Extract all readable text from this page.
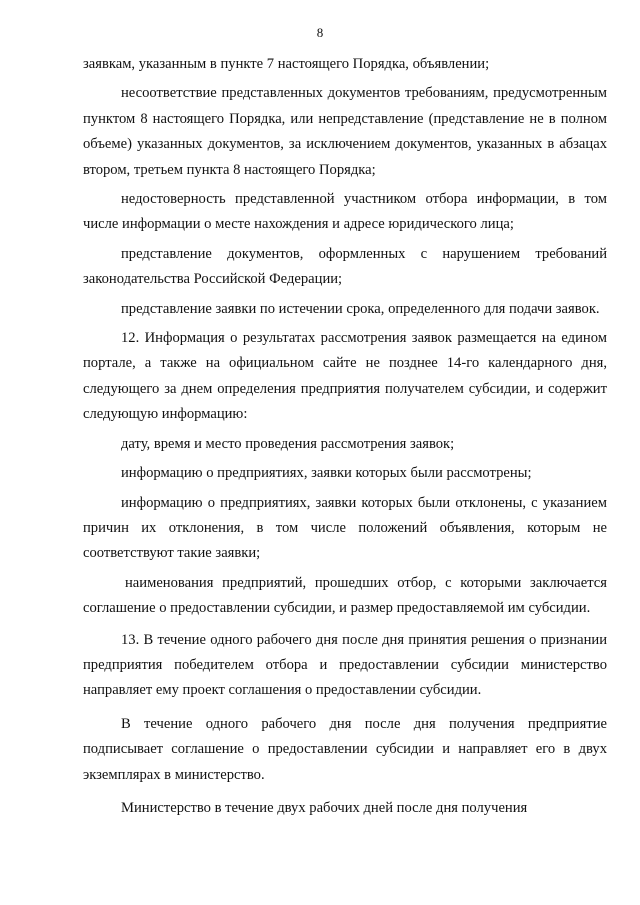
8

заявкам, указанным в пункте 7 настоящего Порядка, объявлении;

несоответствие представленных документов требованиям, предусмотренным пунктом 8 настоящего Порядка, или непредставление (представление не в полном объеме) указанных документов, за исключением документов, указанных в абзацах втором, третьем пункта 8 настоящего Порядка;

недостоверность представленной участником отбора информации, в том числе информации о месте нахождения и адресе юридического лица;

представление документов, оформленных с нарушением требований законодательства Российской Федерации;

представление заявки по истечении срока, определенного для подачи заявок.

12. Информация о результатах рассмотрения заявок размещается на едином портале, а также на официальном сайте не позднее 14-го календарного дня, следующего за днем определения предприятия получателем субсидии, и содержит следующую информацию:

дату, время и место проведения рассмотрения заявок;

информацию о предприятиях, заявки которых были рассмотрены;

информацию о предприятиях, заявки которых были отклонены, с указанием причин их отклонения, в том числе положений объявления, которым не соответствуют такие заявки;

наименования предприятий, прошедших отбор, с которыми заключается соглашение о предоставлении субсидии, и размер предоставляемой им субсидии.

13. В течение одного рабочего дня после дня принятия решения о признании предприятия победителем отбора и предоставлении субсидии министерство направляет ему проект соглашения о предоставлении субсидии.

В течение одного рабочего дня после дня получения предприятие подписывает соглашение о предоставлении субсидии и направляет его в двух экземплярах в министерство.

Министерство в течение двух рабочих дней после дня получения
